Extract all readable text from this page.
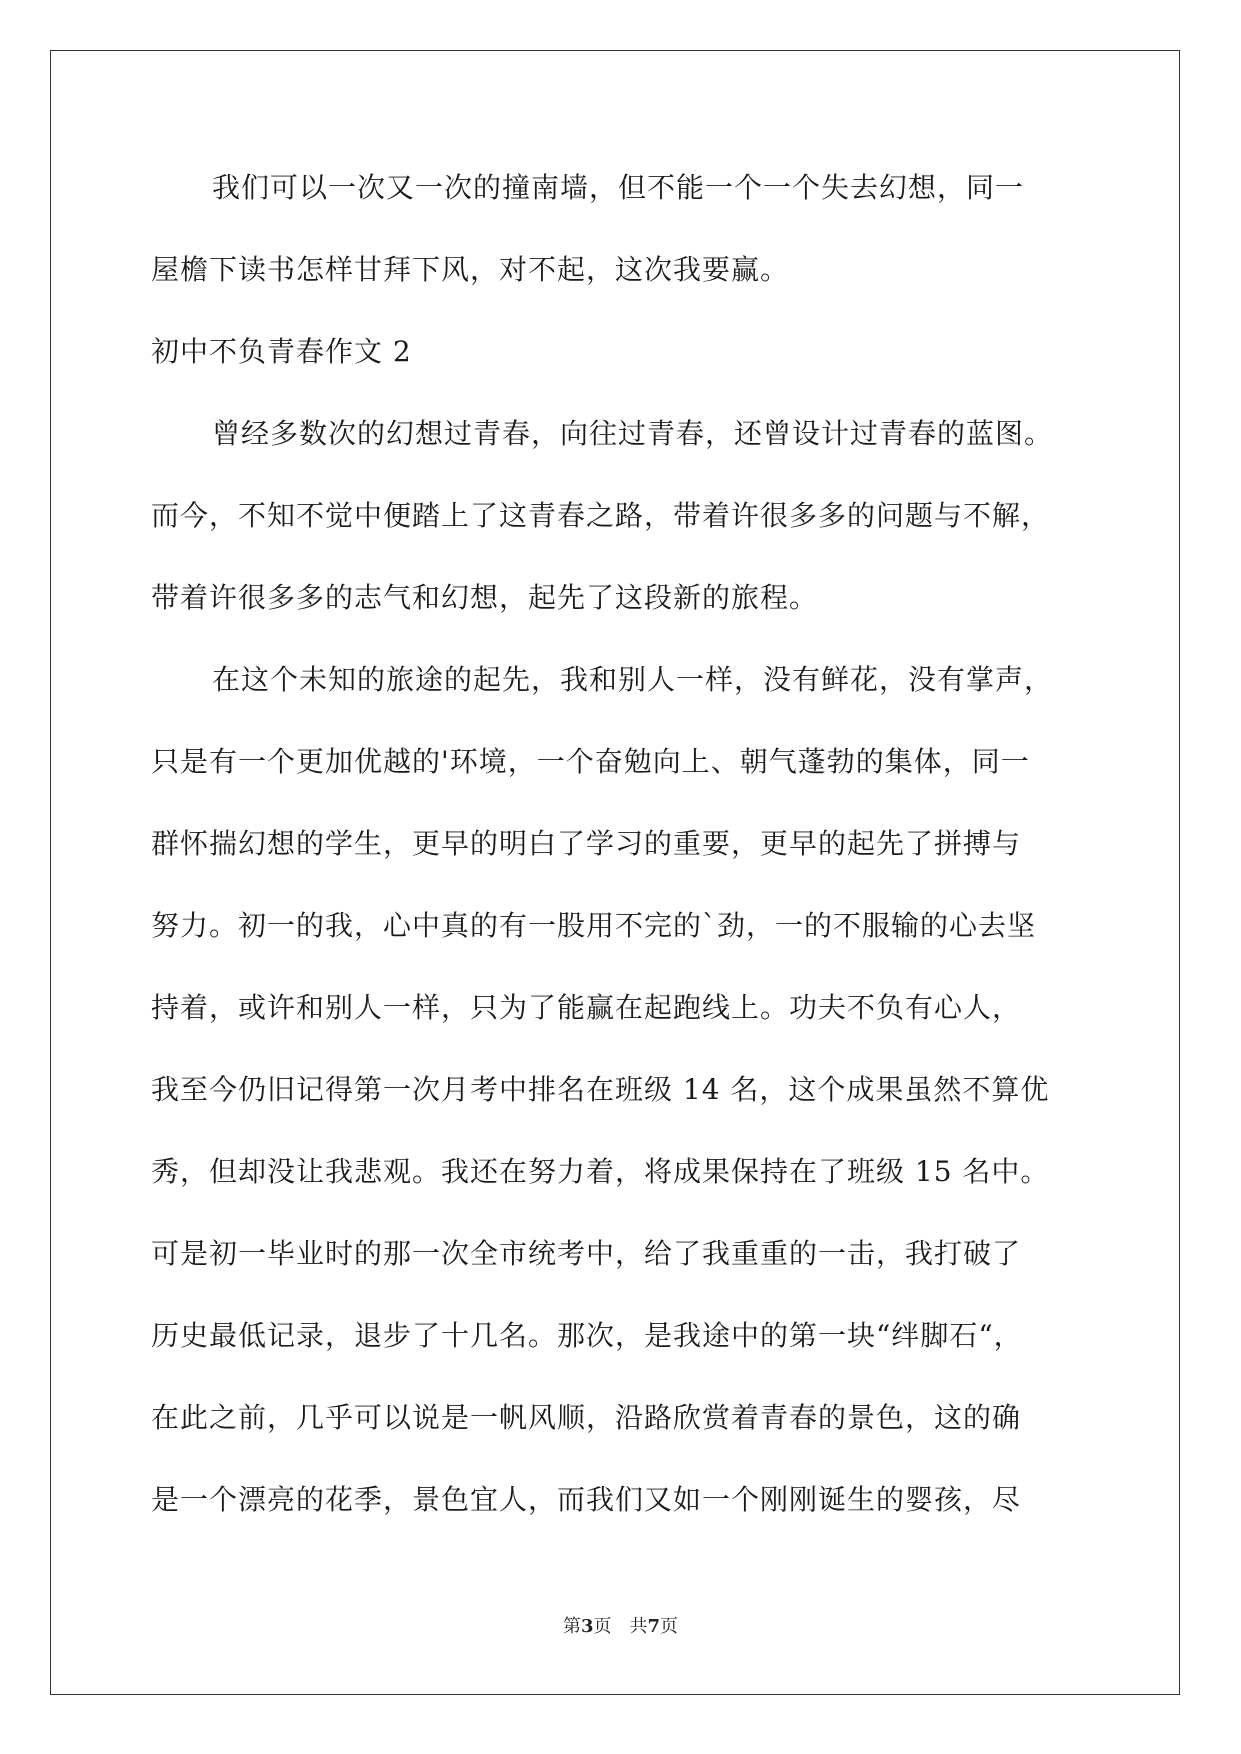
我们可以一次又一次的撞南墙，但不能一个一个失去幻想，同一
屋檐下读书怎样甘拜下风，对不起，这次我要赢。
初中不负青春作文 2
曾经多数次的幻想过青春，向往过青春，还曾设计过青春的蓝图。
而今，不知不觉中便踏上了这青春之路，带着许很多多的问题与不解，
带着许很多多的志气和幻想，起先了这段新的旅程。
在这个未知的旅途的起先，我和别人一样，没有鲜花，没有掌声，
只是有一个更加优越的'环境，一个奋勉向上、朝气蓬勃的集体，同一
群怀揣幻想的学生，更早的明白了学习的重要，更早的起先了拼搏与
努力。初一的我，心中真的有一股用不完的`劲，一的不服输的心去坚
持着，或许和别人一样，只为了能赢在起跑线上。功夫不负有心人，
我至今仍旧记得第一次月考中排名在班级 14 名，这个成果虽然不算优
秀，但却没让我悲观。我还在努力着，将成果保持在了班级 15 名中。
可是初一毕业时的那一次全市统考中，给了我重重的一击，我打破了
历史最低记录，退步了十几名。那次，是我途中的第一块“绊脚石“，
在此之前，几乎可以说是一帆风顺，沿路欣赏着青春的景色，这的确
是一个漂亮的花季，景色宜人，而我们又如一个刚刚诞生的婴孩，尽
第3页　共7页
